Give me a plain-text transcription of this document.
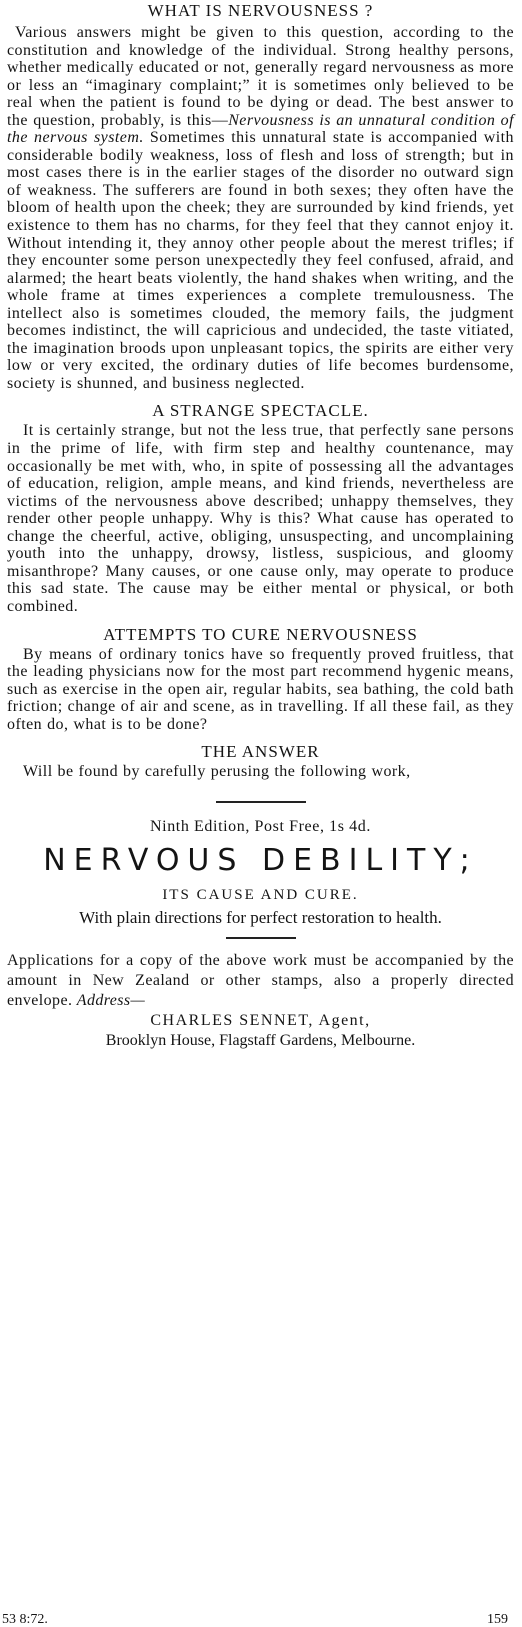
WHAT IS NERVOUSNESS ?

Various answers might be given to this question, according to the constitution and knowledge of the individual. Strong healthy persons, whether medically educated or not, generally regard nervousness as more or less an “imaginary complaint;” it is sometimes only believed to be real when the patient is found to be dying or dead. The best answer to the question, probably, is this—Nervousness is an unnatural condition of the nervous system. Sometimes this unnatural state is accompanied with considerable bodily weakness, loss of flesh and loss of strength; but in most cases there is in the earlier stages of the disorder no outward sign of weakness. The sufferers are found in both sexes; they often have the bloom of health upon the cheek; they are surrounded by kind friends, yet existence to them has no charms, for they feel that they cannot enjoy it. Without intending it, they annoy other people about the merest trifles; if they encounter some person unexpectedly they feel confused, afraid, and alarmed; the heart beats violently, the hand shakes when writing, and the whole frame at times experiences a complete tremulousness. The intellect also is sometimes clouded, the memory fails, the judgment becomes indistinct, the will capricious and undecided, the taste vitiated, the imagination broods upon unpleasant topics, the spirits are either very low or very excited, the ordinary duties of life becomes burdensome, society is shunned, and business neglected.

A STRANGE SPECTACLE.

It is certainly strange, but not the less true, that perfectly sane persons in the prime of life, with firm step and healthy countenance, may occasionally be met with, who, in spite of possessing all the advantages of education, religion, ample means, and kind friends, nevertheless are victims of the nervousness above described; unhappy themselves, they render other people unhappy. Why is this? What cause has operated to change the cheerful, active, obliging, unsuspecting, and uncomplaining youth into the unhappy, drowsy, listless, suspicious, and gloomy misanthrope? Many causes, or one cause only, may operate to produce this sad state. The cause may be either mental or physical, or both combined.

ATTEMPTS TO CURE NERVOUSNESS

By means of ordinary tonics have so frequently proved fruitless, that the leading physicians now for the most part recommend hygenic means, such as exercise in the open air, regular habits, sea bathing, the cold bath friction; change of air and scene, as in travelling. If all these fail, as they often do, what is to be done?

THE ANSWER

Will be found by carefully perusing the following work,

Ninth Edition, Post Free, 1s 4d.

NERVOUS DEBILITY;

ITS CAUSE AND CURE.

With plain directions for perfect restoration to health.

Applications for a copy of the above work must be accompanied by the amount in New Zealand or other stamps, also a properly directed envelope. Address—

CHARLES SENNET, Agent,

Brooklyn House, Flagstaff Gardens, Melbourne.

53 8:72.	159
